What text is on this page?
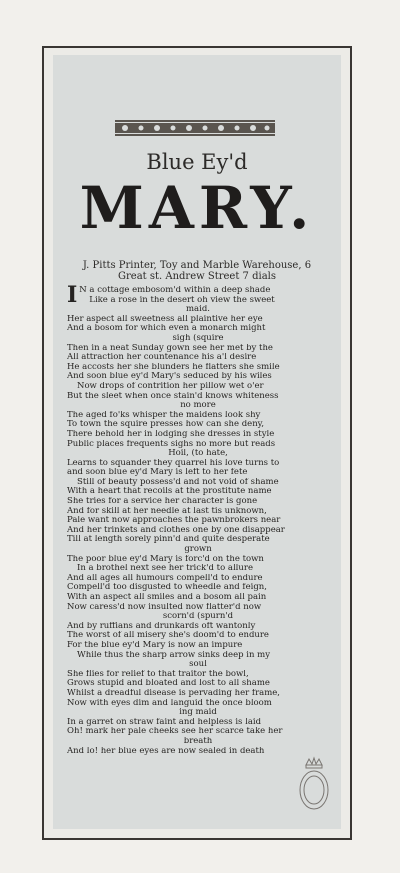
Blue Ey'd
MARY.
J. Pitts Printer, Toy and Marble Warehouse, 6
Great st. Andrew Street 7 dials
I N a cottage embosom'd within a deep shade
Like a rose in the desert oh view the sweet
maid.
Her aspect all sweetness all plaintive her eye
And a bosom for which even a monarch might
sigh (squire
Then in a neat Sunday gown see her met by the
All attraction her countenance his a'l desire
He accosts her she blunders he flatters she smile
And soon blue ey'd Mary's seduced by his wiles
Now drops of contrition her pillow wet o'er
But the sleet when once stain'd knows whiteness
no more
The aged fo'ks whisper the maidens look shy
To town the squire presses how can she deny,
There behold her in lodging she dresses in style
Public places frequents sighs no more but reads
Hoil, (to hate,
Learns to squander they quarrel his love turns to
and soon blue ey'd Mary is left to her fete
Still of beauty possess'd and not void of shame
With a heart that recoils at the prostitute name
She tries for a service her character is gone
And for skill at her needle at last tis unknown,
Pale want now approaches the pawnbrokers near
And her trinkets and clothes one by one disappear
Till at length sorely pinn'd and quite desperate
grown
The poor blue ey'd Mary is forc'd on the town
In a brothel next see her trick'd to allure
And all ages all humours compell'd to endure
Compell'd too disgusted to wheedle and feign,
With an aspect all smiles and a bosom all pain
Now caress'd now insulted now flatter'd now
scorn'd (spurn'd
And by ruffians and drunkards oft wantonly
The worst of all misery she's doom'd to endure
For the blue ey'd Mary is now an impure
While thus the sharp arrow sinks deep in my
soul
She flies for relief to that traitor the bowl,
Grows stupid and bloated and lost to all shame
Whilst a dreadful disease is pervading her frame,
Now with eyes dim and languid the once bloom
ing maid
In a garret on straw faint and helpless is laid
Oh! mark her pale cheeks see her scarce take her
breath
And lo! her blue eyes are now sealed in death
